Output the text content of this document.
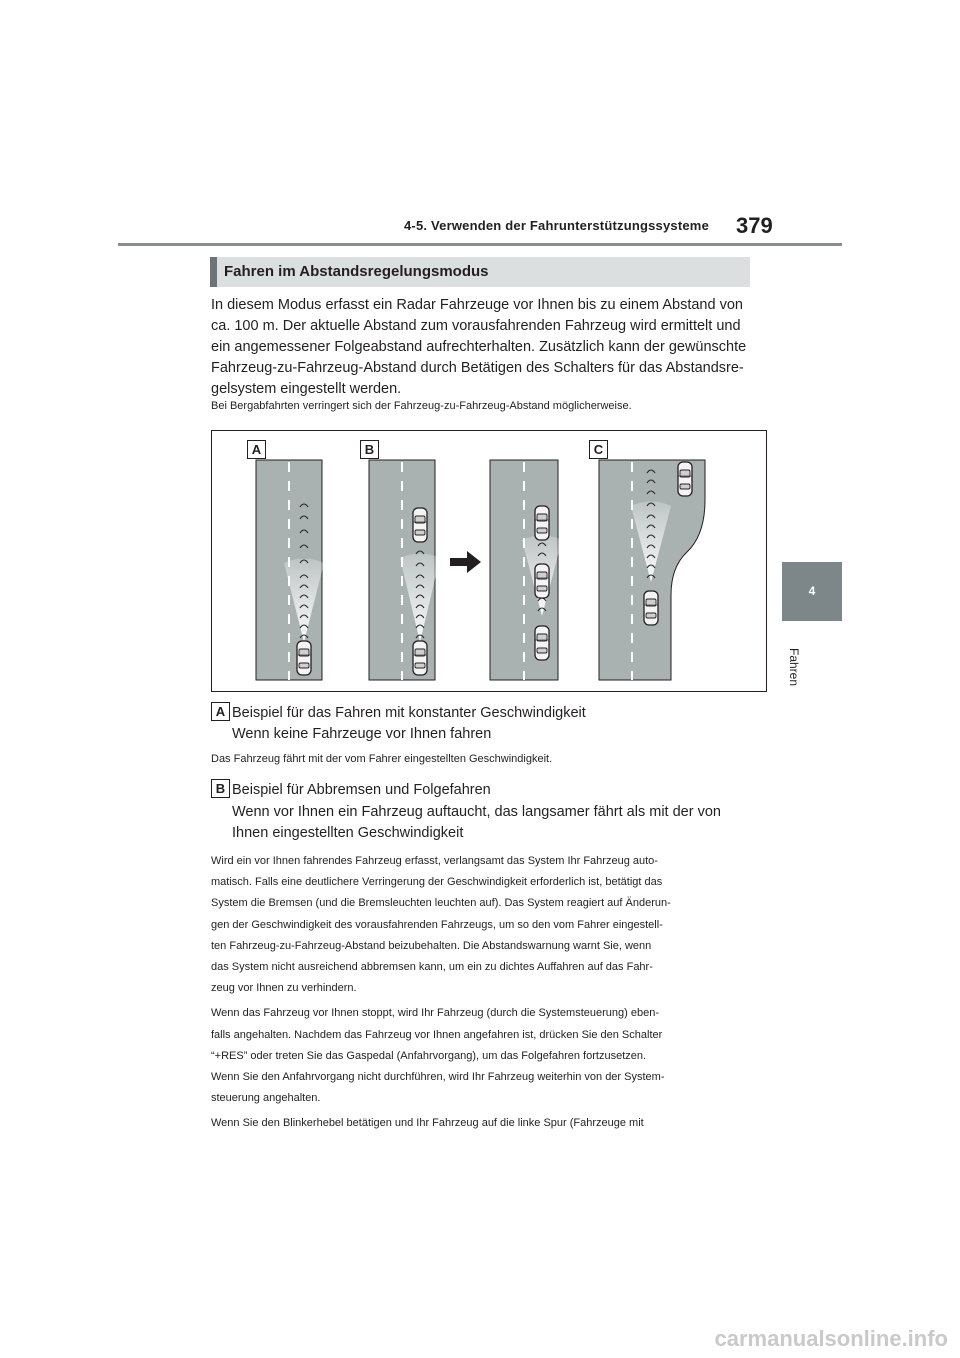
4-5. Verwenden der Fahrunterstützungssysteme 379
4
Fahren
Fahren im Abstandsregelungsmodus
In diesem Modus erfasst ein Radar Fahrzeuge vor Ihnen bis zu einem Abstand von
ca. 100 m. Der aktuelle Abstand zum vorausfahrenden Fahrzeug wird ermittelt und
ein angemessener Folgeabstand aufrechterhalten. Zusätzlich kann der gewünschte
Fahrzeug-zu-Fahrzeug-Abstand durch Betätigen des Schalters für das Abstandsre-
gelsystem eingestellt werden.
Bei Bergabfahrten verringert sich der Fahrzeug-zu-Fahrzeug-Abstand möglicherweise.
A	B	C
A Beispiel für das Fahren mit konstanter Geschwindigkeit
Wenn keine Fahrzeuge vor Ihnen fahren
Das Fahrzeug fährt mit der vom Fahrer eingestellten Geschwindigkeit.
B Beispiel für Abbremsen und Folgefahren
Wenn vor Ihnen ein Fahrzeug auftaucht, das langsamer fährt als mit der von
Ihnen eingestellten Geschwindigkeit
Wird ein vor Ihnen fahrendes Fahrzeug erfasst, verlangsamt das System Ihr Fahrzeug auto-
matisch. Falls eine deutlichere Verringerung der Geschwindigkeit erforderlich ist, betätigt das
System die Bremsen (und die Bremsleuchten leuchten auf). Das System reagiert auf Änderun-
gen der Geschwindigkeit des vorausfahrenden Fahrzeugs, um so den vom Fahrer eingestell-
ten Fahrzeug-zu-Fahrzeug-Abstand beizubehalten. Die Abstandswarnung warnt Sie, wenn
das System nicht ausreichend abbremsen kann, um ein zu dichtes Auffahren auf das Fahr-
zeug vor Ihnen zu verhindern.
Wenn das Fahrzeug vor Ihnen stoppt, wird Ihr Fahrzeug (durch die Systemsteuerung) eben-
falls angehalten. Nachdem das Fahrzeug vor Ihnen angefahren ist, drücken Sie den Schalter
“+RES” oder treten Sie das Gaspedal (Anfahrvorgang), um das Folgefahren fortzusetzen.
Wenn Sie den Anfahrvorgang nicht durchführen, wird Ihr Fahrzeug weiterhin von der System-
steuerung angehalten.
Wenn Sie den Blinkerhebel betätigen und Ihr Fahrzeug auf die linke Spur (Fahrzeuge mit
carmanualsonline.info
